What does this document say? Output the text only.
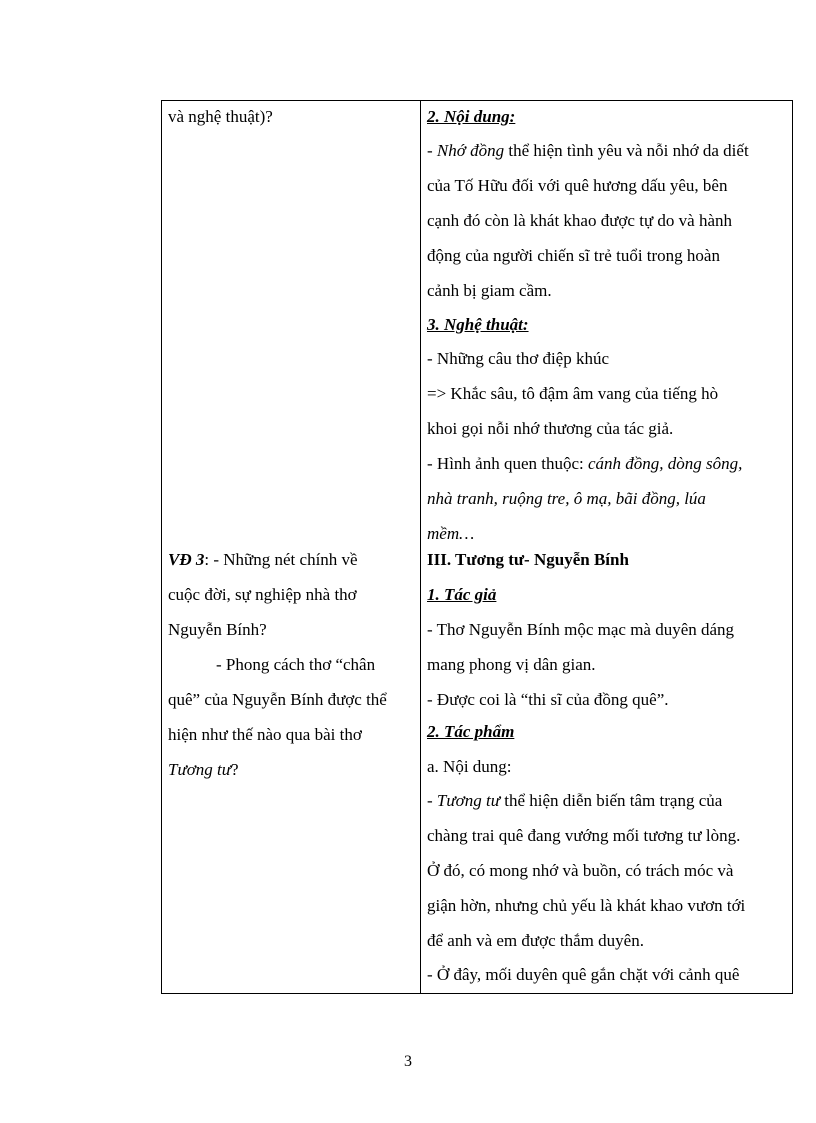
và nghệ thuật)?
VĐ 3: - Những nét chính về
cuộc đời, sự nghiệp nhà thơ
Nguyễn Bính?
- Phong cách thơ “chân
quê” của Nguyễn Bính được thể
hiện như thế nào qua bài thơ
Tương tư?
2. Nội dung:
- Nhớ đồng thể hiện tình yêu và nỗi nhớ da diết
của Tố Hữu đối với quê hương dấu yêu, bên
cạnh đó còn là khát khao được tự do và hành
động của người chiến sĩ trẻ tuổi trong hoàn
cảnh bị giam cầm.
3. Nghệ thuật:
- Những câu thơ điệp khúc
=> Khắc sâu, tô đậm âm vang của tiếng hò
khoi gọi nỗi nhớ thương của tác giả.
- Hình ảnh quen thuộc: cánh đồng, dòng sông,
nhà tranh, ruộng tre, ô mạ, bãi đồng, lúa
mềm…
III. Tương tư- Nguyễn Bính
1. Tác giả
- Thơ Nguyễn Bính mộc mạc mà duyên dáng
mang phong vị dân gian.
- Được coi là “thi sĩ của đồng quê”.
2. Tác phẩm
a. Nội dung:
- Tương tư thể hiện diễn biến tâm trạng của
chàng trai quê đang vướng mối tương tư lòng.
Ở đó, có mong nhớ và buồn, có trách móc và
giận hờn, nhưng chủ yếu là khát khao vươn tới
để anh và em được thắm duyên.
- Ở đây, mối duyên quê gắn chặt với cảnh quê
3
